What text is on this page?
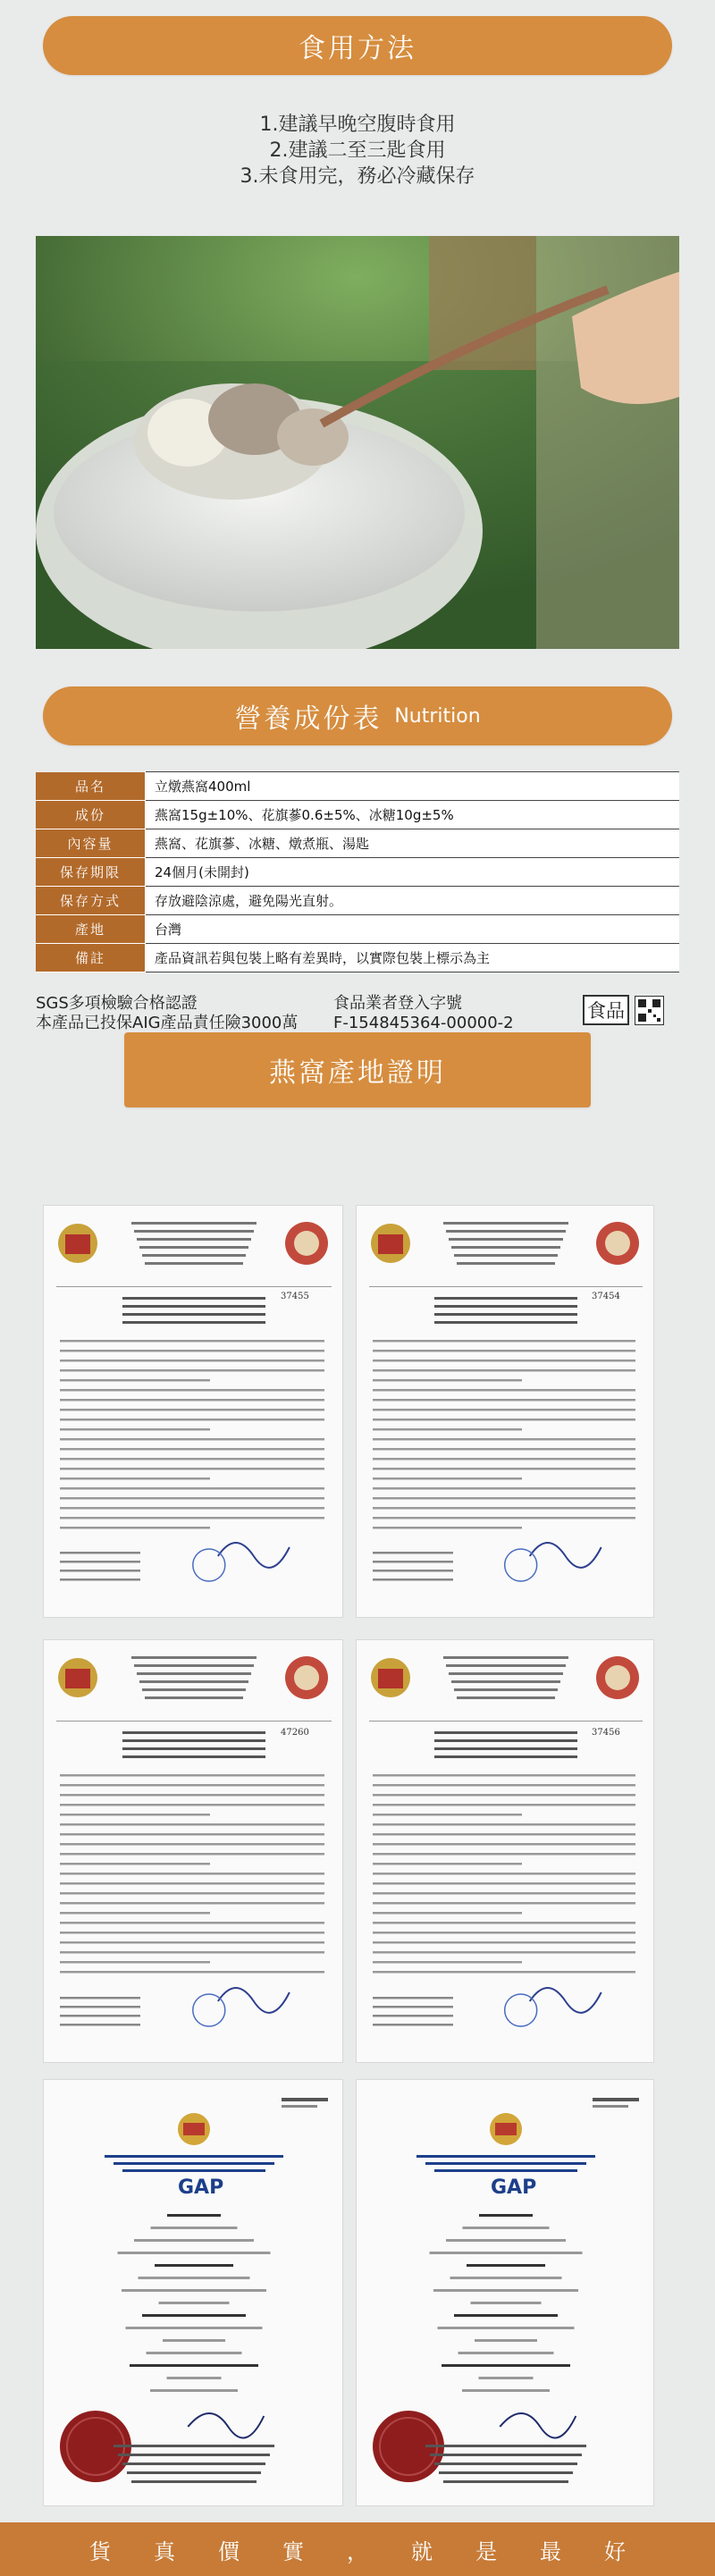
食用方法
1.建議早晚空腹時食用
2.建議二至三匙食用
3.未食用完，務必冷藏保存
營養成份表 Nutrition
品名	立燉燕窩400ml
成份	燕窩15g±10%、花旗蔘0.6±5%、冰糖10g±5%
內容量	燕窩、花旗蔘、冰糖、燉煮瓶、湯匙
保存期限	24個月(未開封)
保存方式	存放避陰涼處，避免陽光直射。
產地	台灣
備註	產品資訊若與包裝上略有差異時，以實際包裝上標示為主
SGS多項檢驗合格認證
本產品已投保AIG產品責任險3000萬
食品業者登入字號
F-154845364-00000-2
食品
燕窩產地證明
37455	37454
47260	37456
GAP	GAP
貨	真	價	實	，	就	是	最	好
